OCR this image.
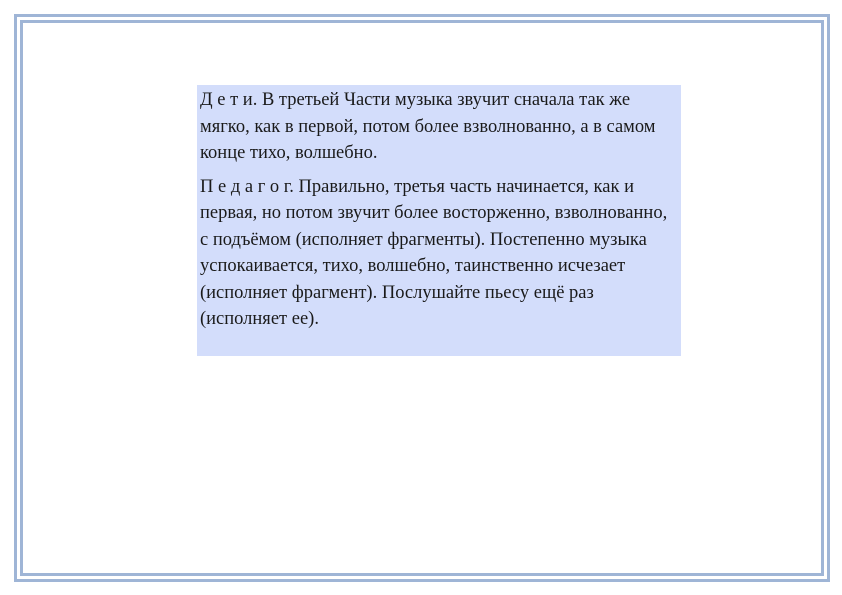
Д е т и. В третьей Части музыка звучит сначала так же мягко, как в первой, потом более взволнованно, а в самом конце тихо, волшебно.

П е д а г о г. Правильно, третья часть начинается, как и первая, но потом звучит более восторженно, взволнованно, с подъёмом (исполняет фрагменты). Постепенно музыка успокаивается, тихо, волшебно, таинственно исчезает (исполняет фрагмент). Послушайте пьесу ещё раз (исполняет ее).
